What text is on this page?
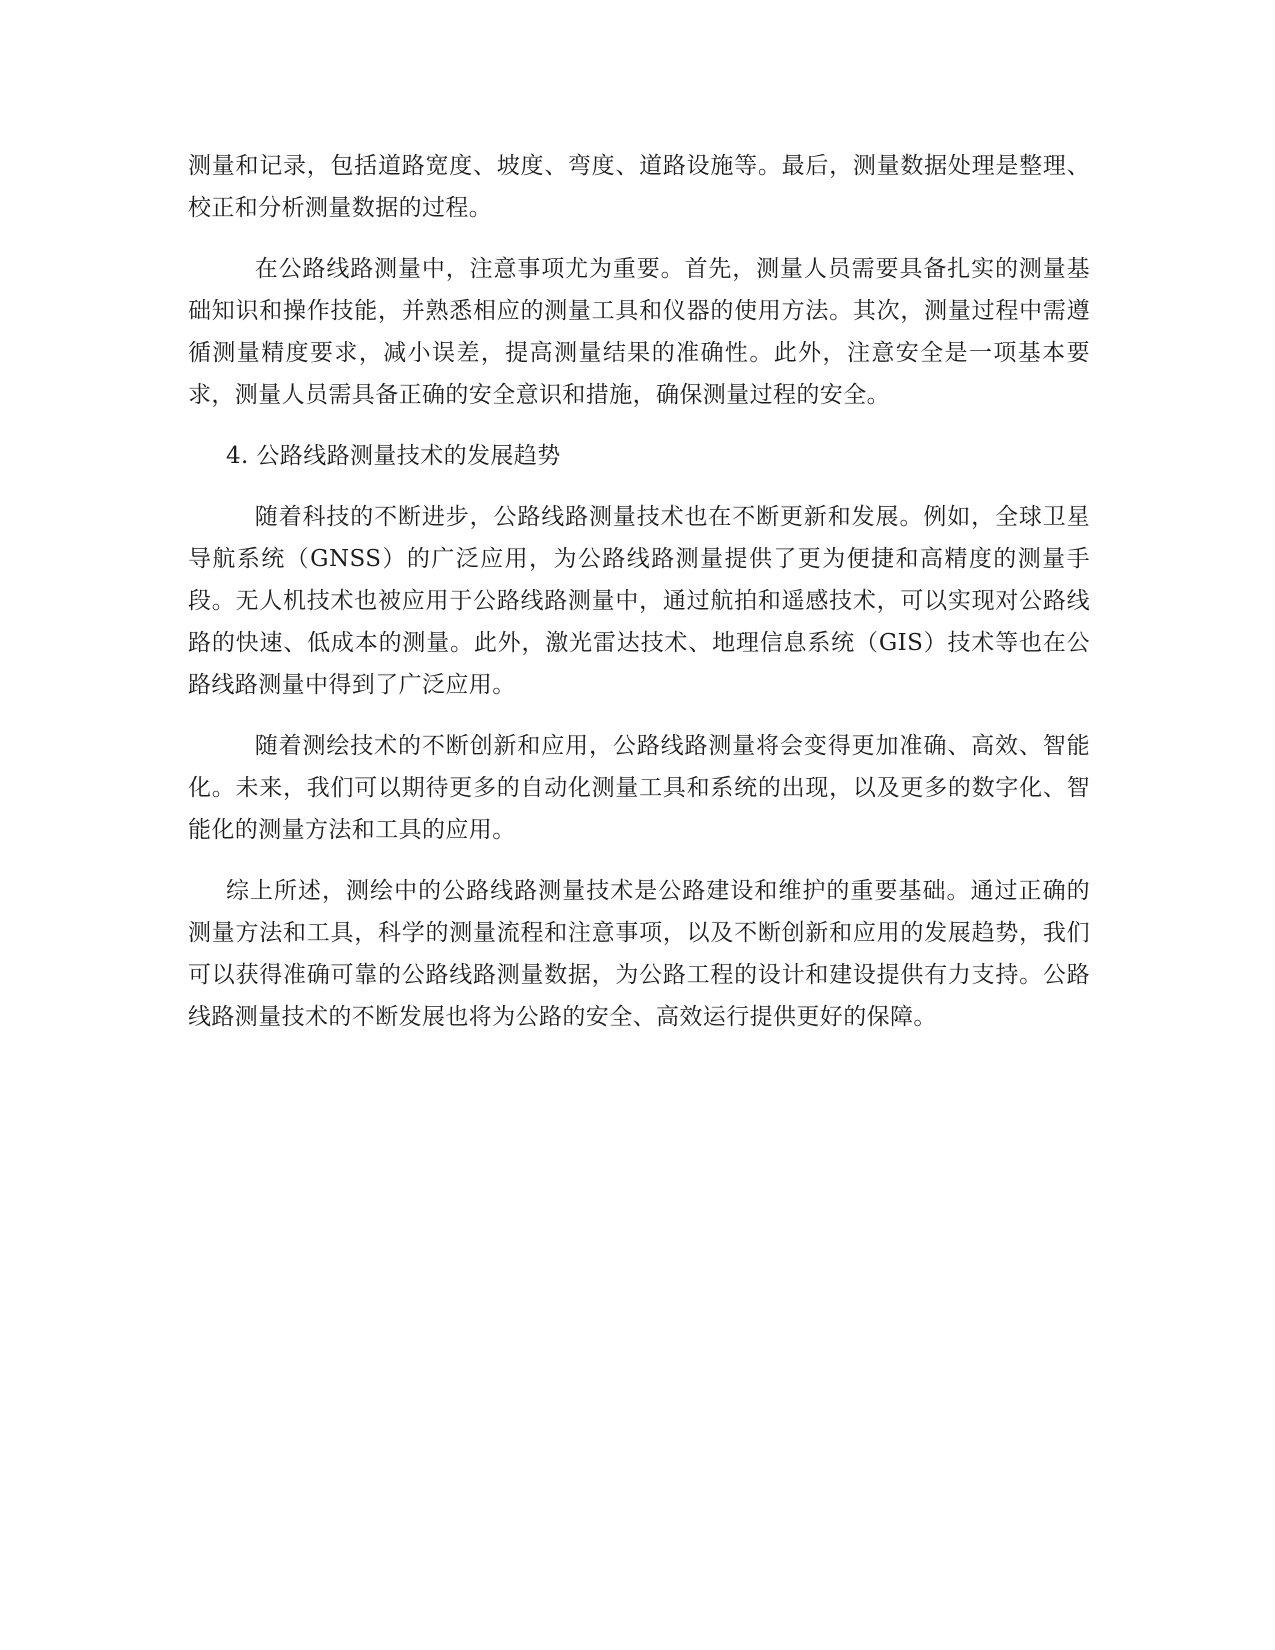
测量和记录，包括道路宽度、坡度、弯度、道路设施等。最后，测量数据处理是整理、校正和分析测量数据的过程。

在公路线路测量中，注意事项尤为重要。首先，测量人员需要具备扎实的测量基础知识和操作技能，并熟悉相应的测量工具和仪器的使用方法。其次，测量过程中需遵循测量精度要求，减小误差，提高测量结果的准确性。此外，注意安全是一项基本要求，测量人员需具备正确的安全意识和措施，确保测量过程的安全。

4. 公路线路测量技术的发展趋势

随着科技的不断进步，公路线路测量技术也在不断更新和发展。例如，全球卫星导航系统（GNSS）的广泛应用，为公路线路测量提供了更为便捷和高精度的测量手段。无人机技术也被应用于公路线路测量中，通过航拍和遥感技术，可以实现对公路线路的快速、低成本的测量。此外，激光雷达技术、地理信息系统（GIS）技术等也在公路线路测量中得到了广泛应用。

随着测绘技术的不断创新和应用，公路线路测量将会变得更加准确、高效、智能化。未来，我们可以期待更多的自动化测量工具和系统的出现，以及更多的数字化、智能化的测量方法和工具的应用。

综上所述，测绘中的公路线路测量技术是公路建设和维护的重要基础。通过正确的测量方法和工具，科学的测量流程和注意事项，以及不断创新和应用的发展趋势，我们可以获得准确可靠的公路线路测量数据，为公路工程的设计和建设提供有力支持。公路线路测量技术的不断发展也将为公路的安全、高效运行提供更好的保障。
